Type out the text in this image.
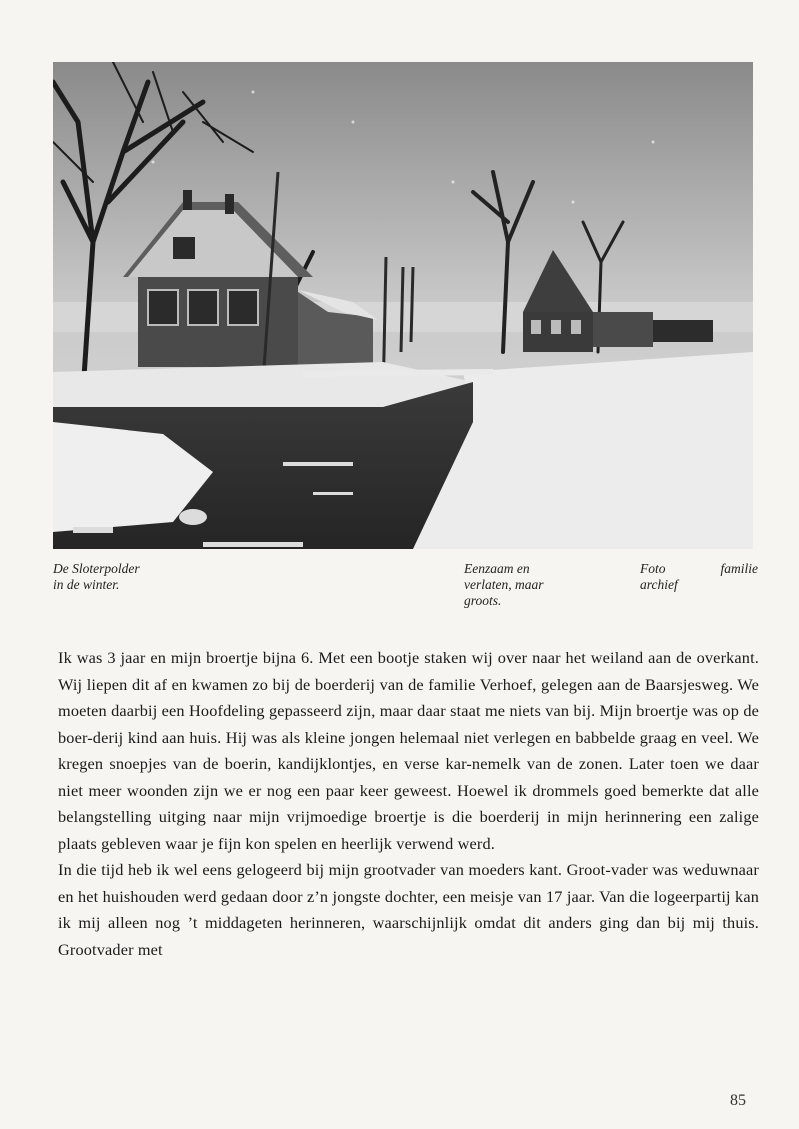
De Sloterpolder
in de winter.
Eenzaam en
verlaten, maar
groots.
Foto	familie
archief

Ik was 3 jaar en mijn broertje bijna 6. Met een bootje staken wij over naar het weiland aan de overkant. Wij liepen dit af en kwamen zo bij de boerderij van de familie Verhoef, gelegen aan de Baarsjesweg. We moeten daarbij een Hoofdeling gepasseerd zijn, maar daar staat me niets van bij. Mijn broertje was op de boer-derij kind aan huis. Hij was als kleine jongen helemaal niet verlegen en babbelde graag en veel. We kregen snoepjes van de boerin, kandijklontjes, en verse kar-nemelk van de zonen. Later toen we daar niet meer woonden zijn we er nog een paar keer geweest. Hoewel ik drommels goed bemerkte dat alle belangstelling uitging naar mijn vrijmoedige broertje is die boerderij in mijn herinnering een zalige plaats gebleven waar je fijn kon spelen en heerlijk verwend werd.

In die tijd heb ik wel eens gelogeerd bij mijn grootvader van moeders kant. Groot-vader was weduwnaar en het huishouden werd gedaan door z’n jongste dochter, een meisje van 17 jaar. Van die logeerpartij kan ik mij alleen nog ’t middageten herinneren, waarschijnlijk omdat dit anders ging dan bij mij thuis. Grootvader met

85
